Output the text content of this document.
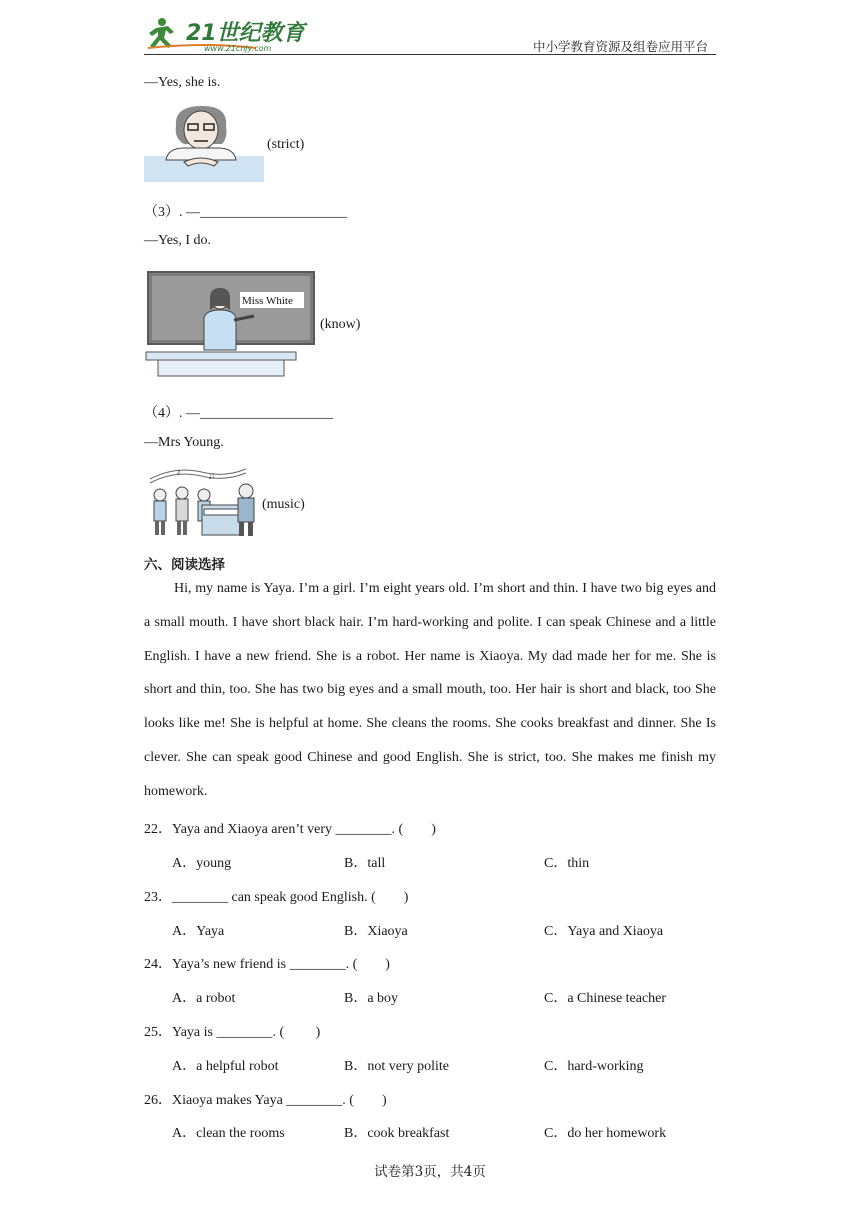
21世纪教育
www.21cnjy.com	中小学教育资源及组卷应用平台
—Yes, she is.
(strict)
（3）. —_____________________
—Yes, I do.
Miss White
(know)
（4）. —___________________
—Mrs Young.
♪	♫
(music)
六、阅读选择
Hi, my name is Yaya. I’m a girl. I’m eight years old. I’m short and thin. I have two big eyes and a small mouth. I have short black hair. I’m hard-working and polite. I can speak Chinese and a little English. I have a new friend. She is a robot. Her name is Xiaoya. My dad made her for me. She is short and thin, too. She has two big eyes and a small mouth, too. Her hair is short and black, too She looks like me! She is helpful at home. She cleans the rooms. She cooks breakfast and dinner. She Is clever. She can speak good Chinese and good English. She is strict, too. She makes me finish my homework.
22．Yaya and Xiaoya aren’t very ________. (　　)
A．young	B．tall	C．thin
23．________ can speak good English. (　　)
A．Yaya	B．Xiaoya	C．Yaya and Xiaoya
24．Yaya’s new friend is ________. (　　)
A．a robot	B．a boy	C．a Chinese teacher
25．Yaya is ________. (　　 )
A．a helpful robot	B．not very polite	C．hard-working
26．Xiaoya makes Yaya ________. (　　)
A．clean the rooms	B．cook breakfast	C．do her homework
试卷第3页，共4页
